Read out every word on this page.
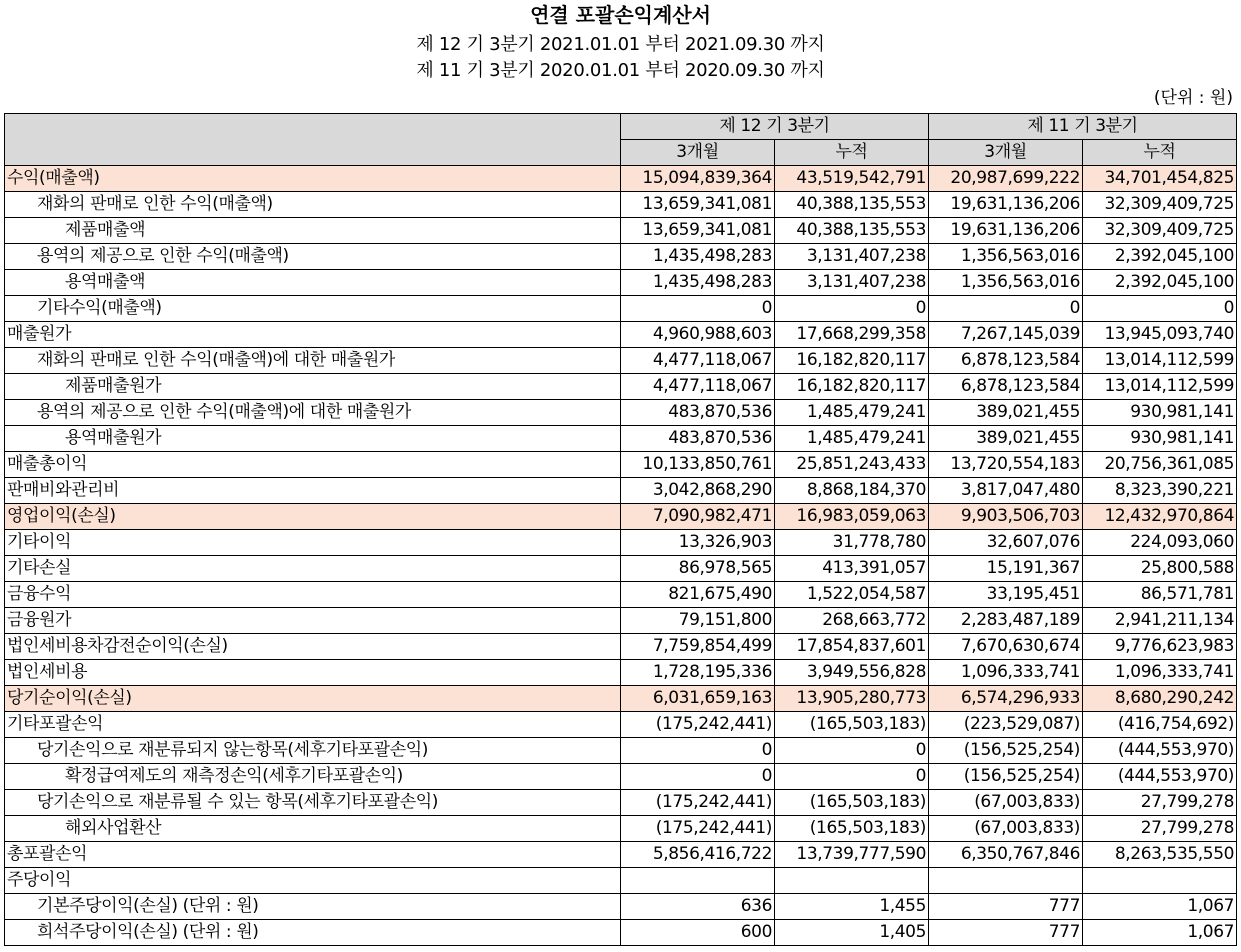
연결 포괄손익계산서
제 12 기 3분기 2021.01.01 부터 2021.09.30 까지
제 11 기 3분기 2020.01.01 부터 2020.09.30 까지
(단위 : 원)
	제 12 기 3분기		제 11 기 3분기	
	3개월	누적	3개월	누적
수익(매출액)	15,094,839,364	43,519,542,791	20,987,699,222	34,701,454,825
재화의 판매로 인한 수익(매출액)	13,659,341,081	40,388,135,553	19,631,136,206	32,309,409,725
제품매출액	13,659,341,081	40,388,135,553	19,631,136,206	32,309,409,725
용역의 제공으로 인한 수익(매출액)	1,435,498,283	3,131,407,238	1,356,563,016	2,392,045,100
용역매출액	1,435,498,283	3,131,407,238	1,356,563,016	2,392,045,100
기타수익(매출액)	0	0	0	0
매출원가	4,960,988,603	17,668,299,358	7,267,145,039	13,945,093,740
재화의 판매로 인한 수익(매출액)에 대한 매출원가	4,477,118,067	16,182,820,117	6,878,123,584	13,014,112,599
제품매출원가	4,477,118,067	16,182,820,117	6,878,123,584	13,014,112,599
용역의 제공으로 인한 수익(매출액)에 대한 매출원가	483,870,536	1,485,479,241	389,021,455	930,981,141
용역매출원가	483,870,536	1,485,479,241	389,021,455	930,981,141
매출총이익	10,133,850,761	25,851,243,433	13,720,554,183	20,756,361,085
판매비와관리비	3,042,868,290	8,868,184,370	3,817,047,480	8,323,390,221
영업이익(손실)	7,090,982,471	16,983,059,063	9,903,506,703	12,432,970,864
기타이익	13,326,903	31,778,780	32,607,076	224,093,060
기타손실	86,978,565	413,391,057	15,191,367	25,800,588
금융수익	821,675,490	1,522,054,587	33,195,451	86,571,781
금융원가	79,151,800	268,663,772	2,283,487,189	2,941,211,134
법인세비용차감전순이익(손실)	7,759,854,499	17,854,837,601	7,670,630,674	9,776,623,983
법인세비용	1,728,195,336	3,949,556,828	1,096,333,741	1,096,333,741
당기순이익(손실)	6,031,659,163	13,905,280,773	6,574,296,933	8,680,290,242
기타포괄손익	(175,242,441)	(165,503,183)	(223,529,087)	(416,754,692)
당기손익으로 재분류되지 않는항목(세후기타포괄손익)	0	0	(156,525,254)	(444,553,970)
확정급여제도의 재측정손익(세후기타포괄손익)	0	0	(156,525,254)	(444,553,970)
당기손익으로 재분류될 수 있는 항목(세후기타포괄손익)	(175,242,441)	(165,503,183)	(67,003,833)	27,799,278
해외사업환산	(175,242,441)	(165,503,183)	(67,003,833)	27,799,278
총포괄손익	5,856,416,722	13,739,777,590	6,350,767,846	8,263,535,550
주당이익				
기본주당이익(손실) (단위 : 원)	636	1,455	777	1,067
희석주당이익(손실) (단위 : 원)	600	1,405	777	1,067
